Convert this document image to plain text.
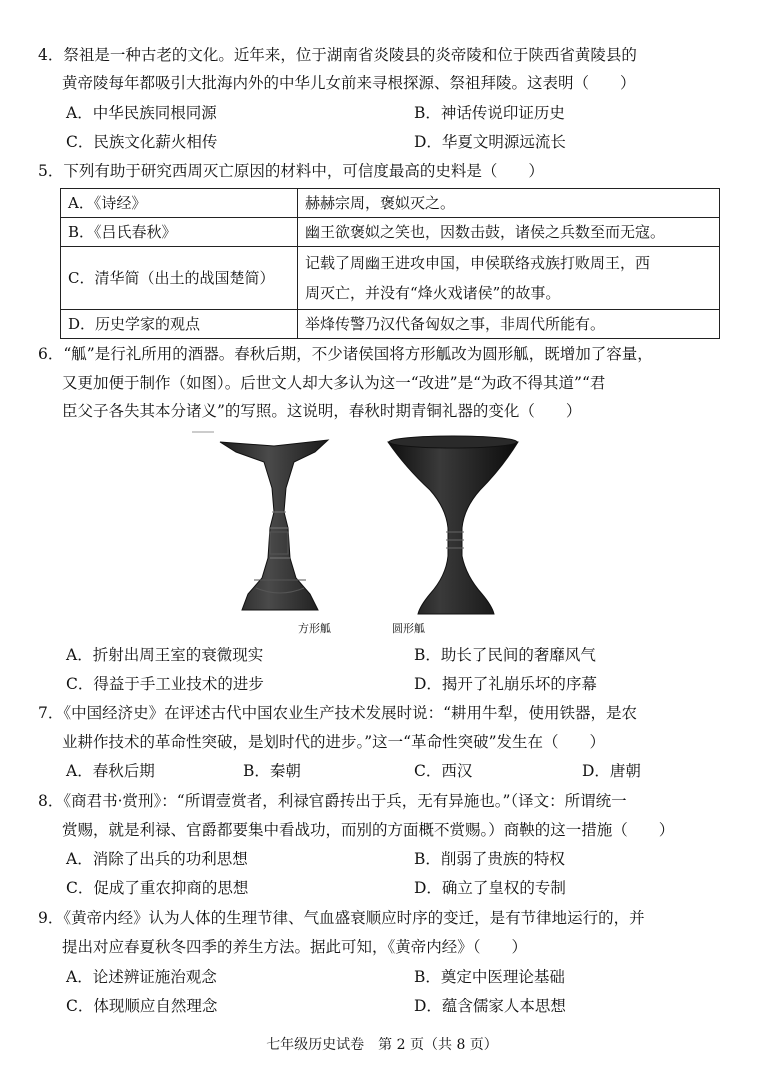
4．祭祖是一种古老的文化。近年来，位于湖南省炎陵县的炎帝陵和位于陕西省黄陵县的
黄帝陵每年都吸引大批海内外的中华儿女前来寻根探源、祭祖拜陵。这表明（　　）
A．中华民族同根同源	B．神话传说印证历史
C．民族文化薪火相传	D．华夏文明源远流长
5．下列有助于研究西周灭亡原因的材料中，可信度最高的史料是（　　）
A．《诗经》	赫赫宗周，褒姒灭之。
B．《吕氏春秋》	幽王欲褒姒之笑也，因数击鼓，诸侯之兵数至而无寇。
C．清华简（出土的战国楚简）	记载了周幽王进攻申国，申侯联络戎族打败周王，西
周灭亡，并没有“烽火戏诸侯”的故事。

D．历史学家的观点	举烽传警乃汉代备匈奴之事，非周代所能有。
6．“觚”是行礼所用的酒器。春秋后期，不少诸侯国将方形觚改为圆形觚，既增加了容量，
又更加便于制作（如图）。后世文人却大多认为这一“改进”是“为政不得其道”“君
臣父子各失其本分诸义”的写照。这说明，春秋时期青铜礼器的变化（　　）
方形觚	圆形觚
A．折射出周王室的衰微现实	B．助长了民间的奢靡风气
C．得益于手工业技术的进步	D．揭开了礼崩乐坏的序幕
7．《中国经济史》在评述古代中国农业生产技术发展时说：“耕用牛犁，使用铁器，是农
业耕作技术的革命性突破，是划时代的进步。”这一“革命性突破”发生在（　　）
A．春秋后期	B．秦朝	C．西汉	D．唐朝
8．《商君书·赏刑》：“所谓壹赏者，利禄官爵抟出于兵，无有异施也。”（译文：所谓统一
赏赐，就是利禄、官爵都要集中看战功，而别的方面概不赏赐。）商鞅的这一措施（　　）
A．消除了出兵的功利思想	B．削弱了贵族的特权
C．促成了重农抑商的思想	D．确立了皇权的专制
9．《黄帝内经》认为人体的生理节律、气血盛衰顺应时序的变迁，是有节律地运行的，并
提出对应春夏秋冬四季的养生方法。据此可知，《黄帝内经》（　　）
A．论述辨证施治观念	B．奠定中医理论基础
C．体现顺应自然理念	D．蕴含儒家人本思想
七年级历史试卷　第 2 页（共 8 页）
